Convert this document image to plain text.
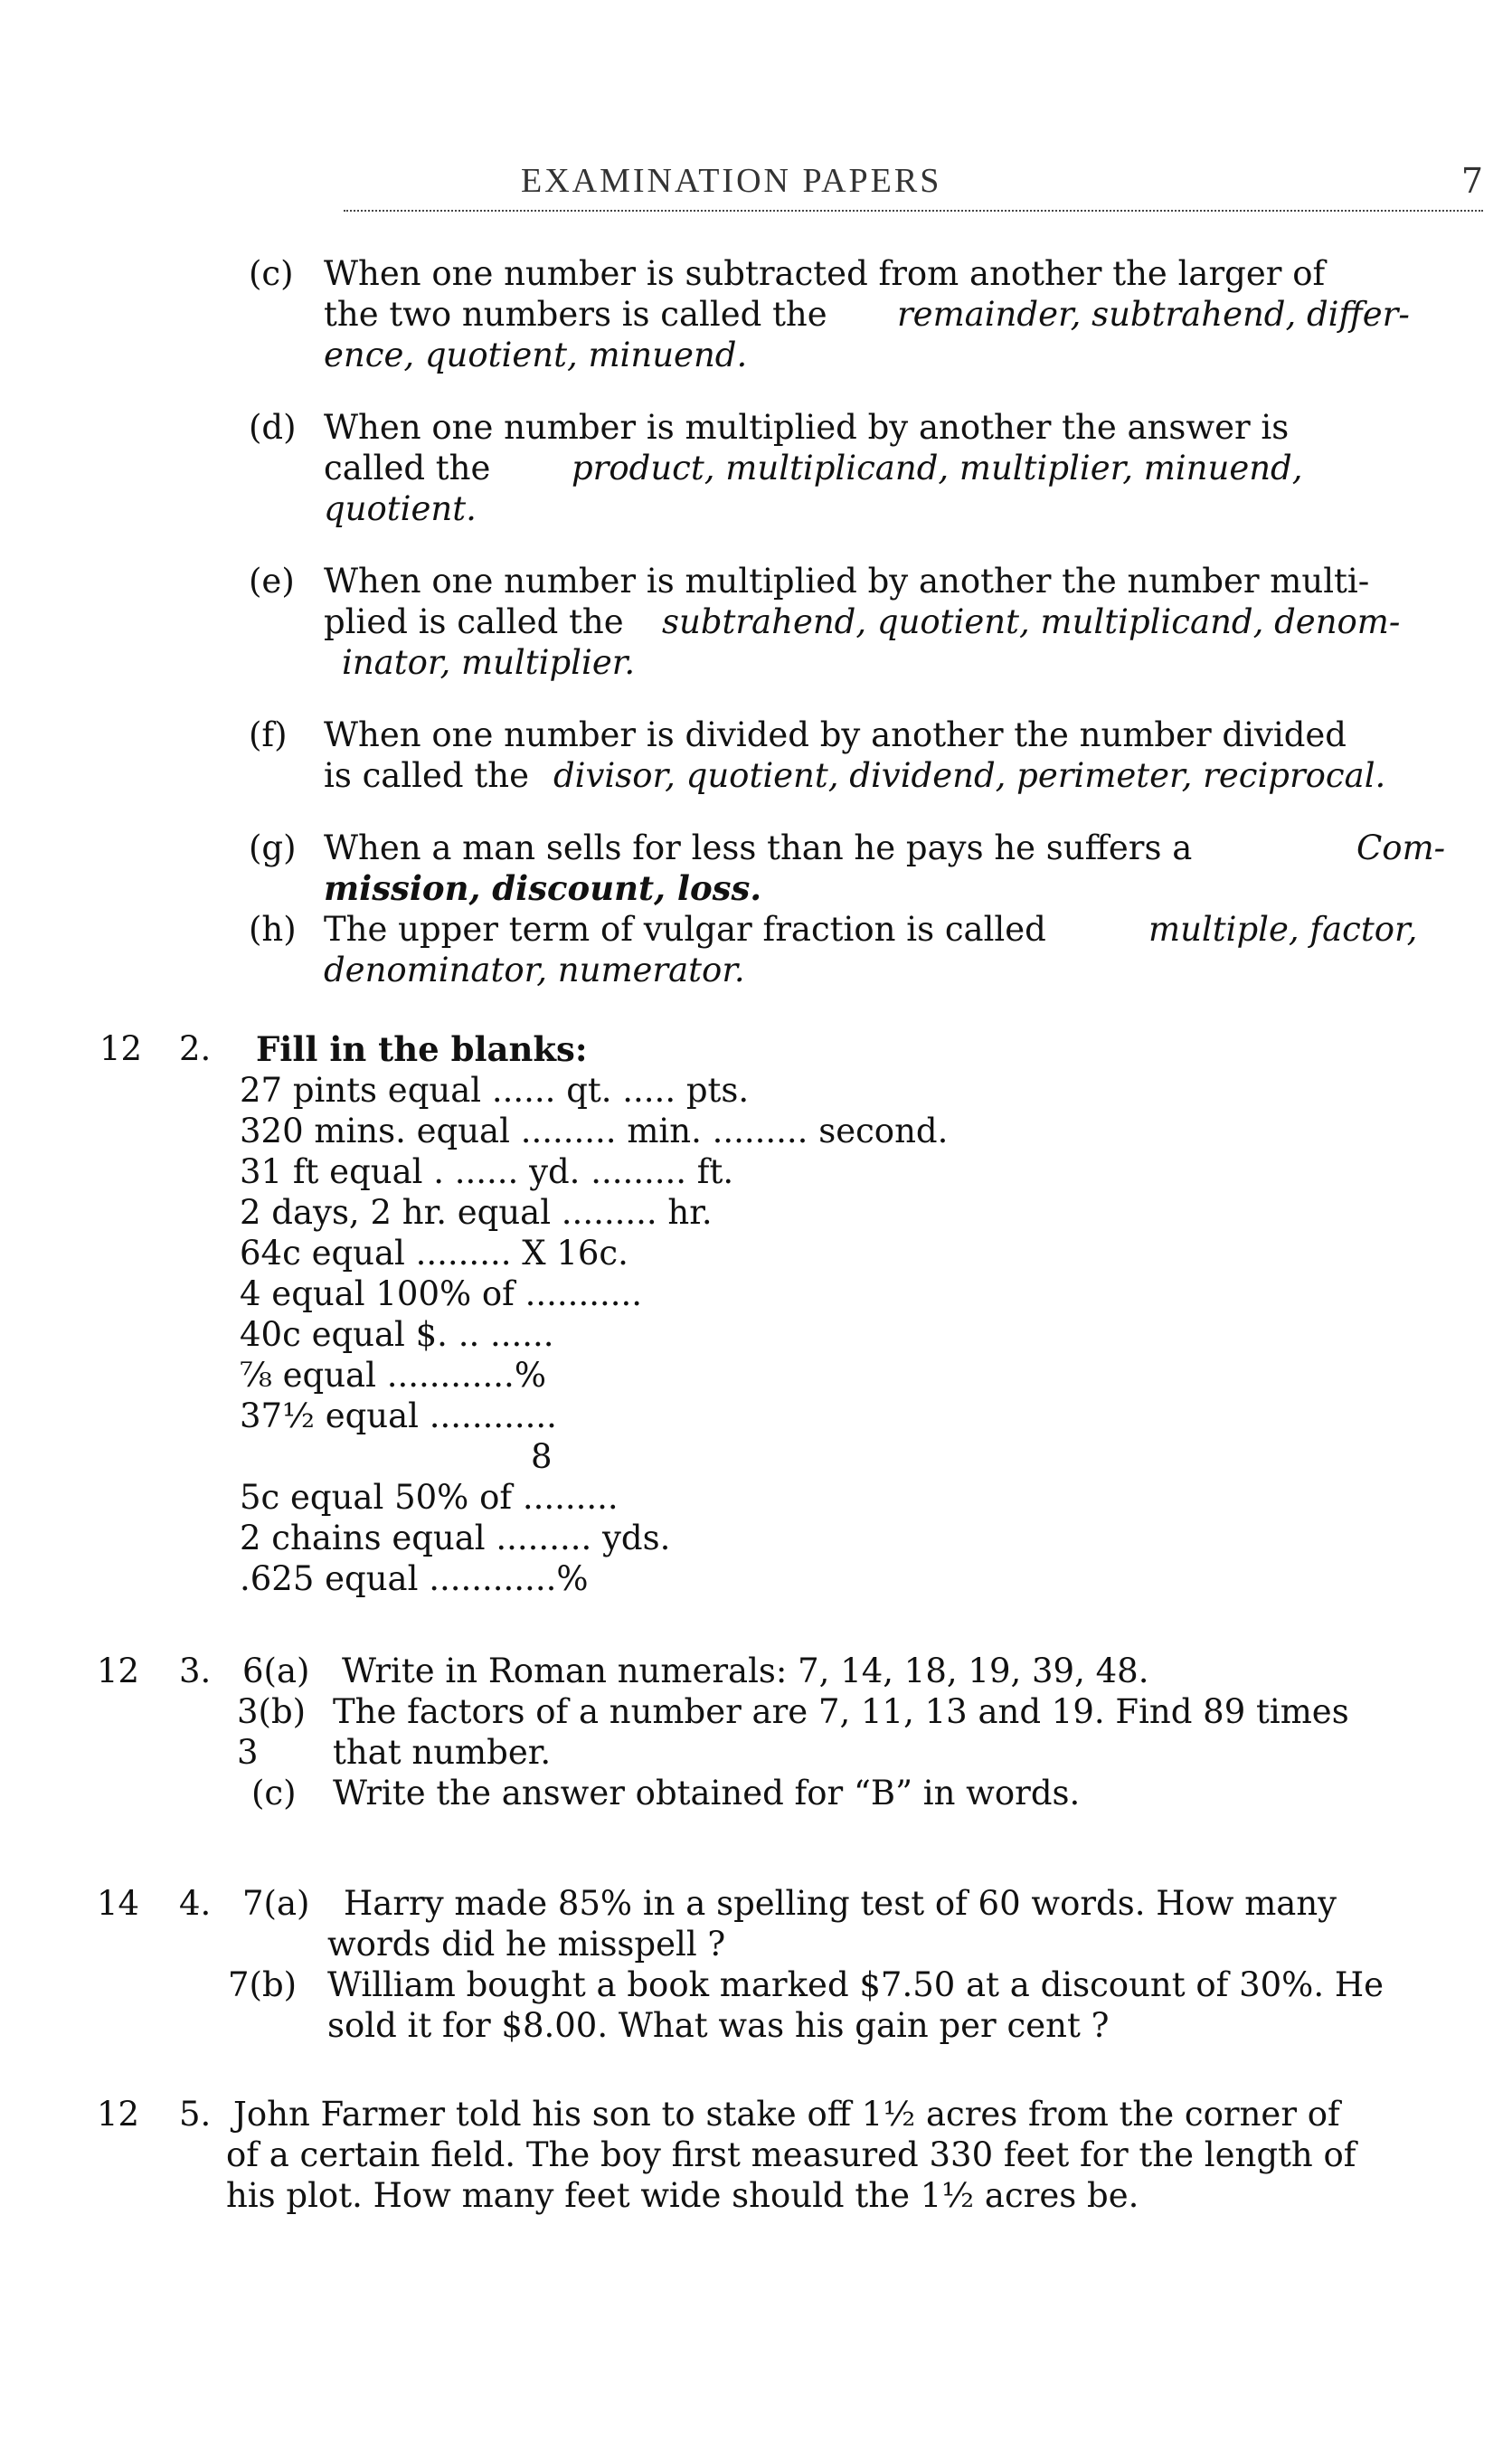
EXAMINATION PAPERS	7
(c) When one number is subtracted from another the larger of
the two numbers is called the remainder, subtrahend, differ-
ence, quotient, minuend.
(d) When one number is multiplied by another the answer is
called the product, multiplicand, multiplier, minuend,
quotient.
(e) When one number is multiplied by another the number multi-
plied is called the subtrahend, quotient, multiplicand, denom-
inator, multiplier.
(f) When one number is divided by another the number divided
is called the divisor, quotient, dividend, perimeter, reciprocal.
(g) When a man sells for less than he pays he suffers a	Com-
mission, discount, loss.
(h) The upper term of vulgar fraction is called	multiple, factor,
denominator, numerator.
12 2. Fill in the blanks:
27 pints equal ...... qt. ..... pts.
320 mins. equal ......... min. ......... second.
31 ft equal . ...... yd. ......... ft.
2 days, 2 hr. equal ......... hr.
64c equal ......... X 16c.
4 equal 100% of ...........
40c equal $. .. ......
⅞ equal ............%
37½ equal ............
8
5c equal 50% of .........
2 chains equal ......... yds.
.625 equal ............%
12 3. 6(a) Write in Roman numerals: 7, 14, 18, 19, 39, 48.
3(b) The factors of a number are 7, 11, 13 and 19. Find 89 times
3 that number.
(c) Write the answer obtained for “B” in words.
14 4. 7(a) Harry made 85% in a spelling test of 60 words. How many
words did he misspell ?
7(b) William bought a book marked $7.50 at a discount of 30%. He
sold it for $8.00. What was his gain per cent ?
12 5. John Farmer told his son to stake off 1½ acres from the corner of
of a certain field. The boy first measured 330 feet for the length of
his plot. How many feet wide should the 1½ acres be.
